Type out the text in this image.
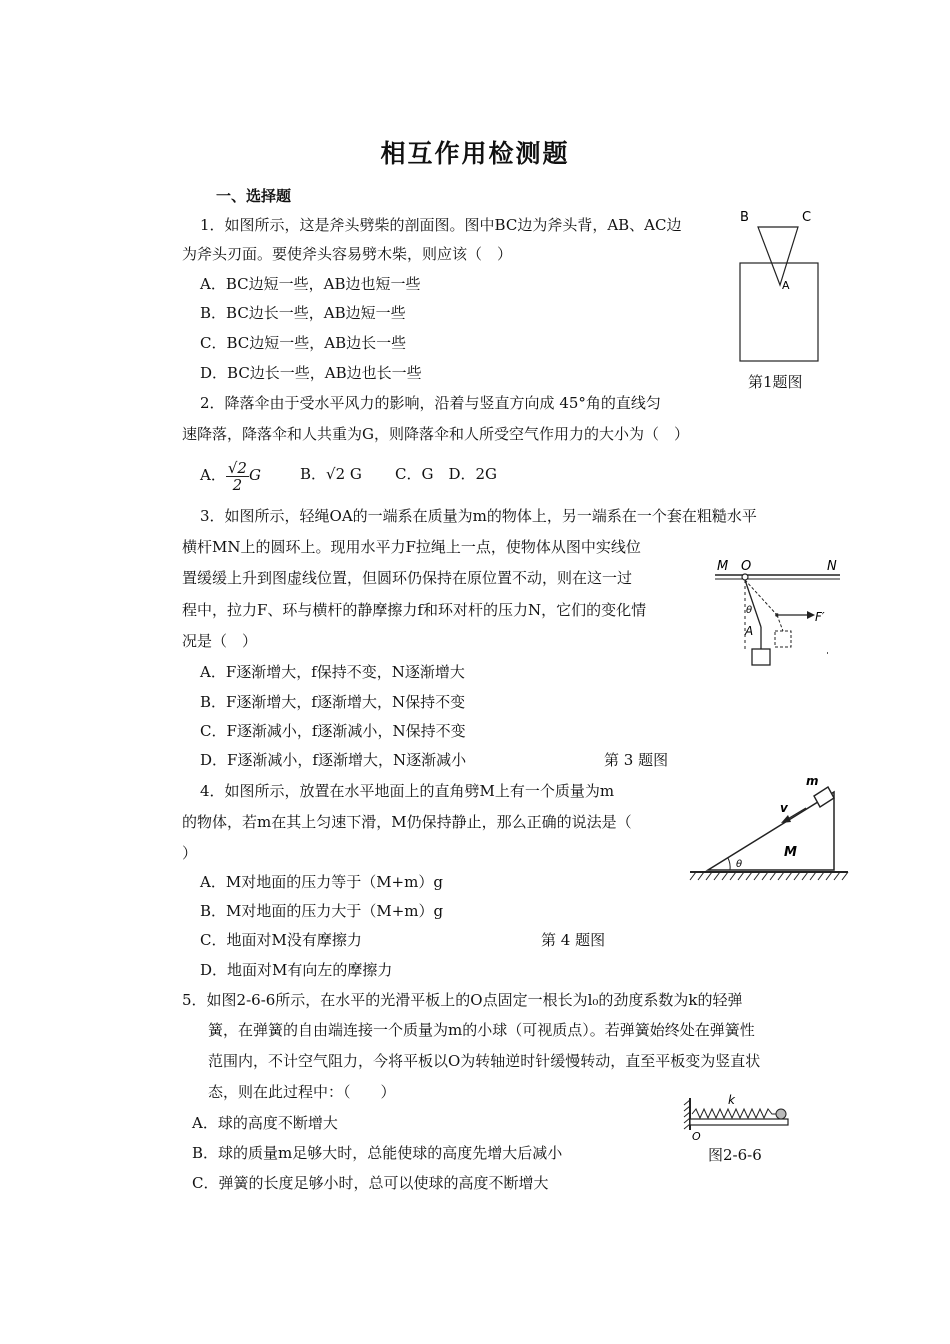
相互作用检测题
一、选择题
1．如图所示，这是斧头劈柴的剖面图。图中BC边为斧头背，AB、AC边
为斧头刃面。要使斧头容易劈木柴，则应该（　）
A．BC边短一些，AB边也短一些
B．BC边长一些，AB边短一些
C．BC边短一些，AB边长一些
D．BC边长一些，AB边也长一些
B	C
A
第1题图
2．降落伞由于受水平风力的影响，沿着与竖直方向成 45°角的直线匀
速降落，降落伞和人共重为G，则降落伞和人所受空气作用力的大小为（　）
A． $\frac{√2}{2}$ G	B．√2 G C．G　D．2G
3．如图所示，轻绳OA的一端系在质量为m的物体上，另一端系在一个套在粗糙水平
横杆MN上的圆环上。现用水平力F拉绳上一点，使物体从图中实线位
置缓缓上升到图虚线位置，但圆环仍保持在原位置不动，则在这一过
程中，拉力F、环与横杆的静摩擦力f和环对杆的压力N，它们的变化情
况是（　）
A．F逐渐增大，f保持不变，N逐渐增大
B．F逐渐增大，f逐渐增大，N保持不变
C．F逐渐减小，f逐渐减小，N保持不变
D．F逐渐减小，f逐渐增大，N逐渐减小	第 3 题图
M O	N
θ
A
F′
4．如图所示，放置在水平地面上的直角劈M上有一个质量为m
的物体，若m在其上匀速下滑，M仍保持静止，那么正确的说法是（
）
A．M对地面的压力等于（M+m）g
B．M对地面的压力大于（M+m）g
C．地面对M没有摩擦力	第 4 题图
D．地面对M有向左的摩擦力
m
v
M
θ
5．如图2-6-6所示，在水平的光滑平板上的O点固定一根长为l₀的劲度系数为k的轻弹
簧，在弹簧的自由端连接一个质量为m的小球（可视质点）。若弹簧始终处在弹簧性
范围内，不计空气阻力，今将平板以O为转轴逆时针缓慢转动，直至平板变为竖直状
态，则在此过程中：（　　）
A．球的高度不断增大
B．球的质量m足够大时，总能使球的高度先增大后减小
C．弹簧的长度足够小时，总可以使球的高度不断增大
图2-6-6
k
O
